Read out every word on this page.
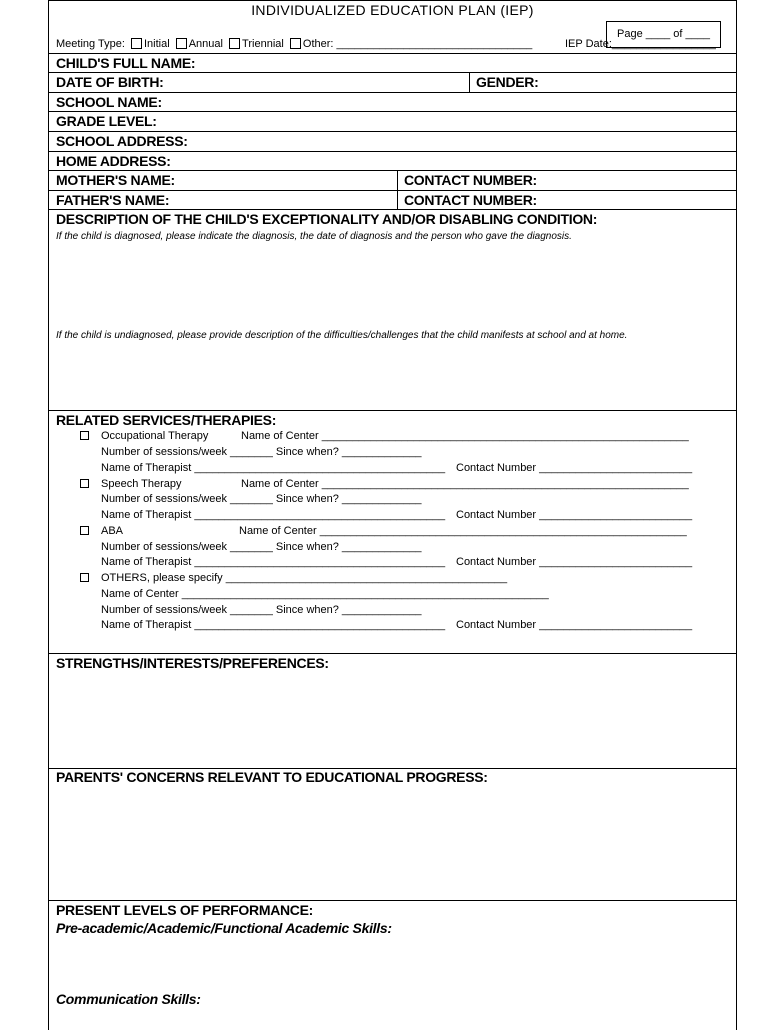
INDIVIDUALIZED EDUCATION PLAN (IEP)
Page ____ of ____
Meeting Type: Initial Annual Triennial Other: ________________________________	IEP Date:_________________
CHILD'S FULL NAME:
DATE OF BIRTH:	GENDER:
SCHOOL NAME:
GRADE LEVEL:
SCHOOL ADDRESS:
HOME ADDRESS:
MOTHER'S NAME:	CONTACT NUMBER:
FATHER'S NAME:	CONTACT NUMBER:
DESCRIPTION OF THE CHILD'S EXCEPTIONALITY AND/OR DISABLING CONDITION:
If the child is diagnosed, please indicate the diagnosis, the date of diagnosis and the person who gave the diagnosis.
If the child is undiagnosed, please provide description of the difficulties/challenges that the child manifests at school and at home.
RELATED SERVICES/THERAPIES:
Occupational Therapy	Name of Center ____________________________________________________________
Number of sessions/week _______ Since when? _____________
Name of Therapist _________________________________________ Contact Number _________________________
Speech Therapy	Name of Center ____________________________________________________________
Number of sessions/week _______ Since when? _____________
Name of Therapist _________________________________________ Contact Number _________________________
ABA	Name of Center ____________________________________________________________
Number of sessions/week _______ Since when? _____________
Name of Therapist _________________________________________ Contact Number _________________________
OTHERS, please specify ______________________________________________
Name of Center ____________________________________________________________
Number of sessions/week _______ Since when? _____________
Name of Therapist _________________________________________ Contact Number _________________________
STRENGTHS/INTERESTS/PREFERENCES:
PARENTS' CONCERNS RELEVANT TO EDUCATIONAL PROGRESS:
PRESENT LEVELS OF PERFORMANCE:
Pre-academic/Academic/Functional Academic Skills:
Communication Skills:
